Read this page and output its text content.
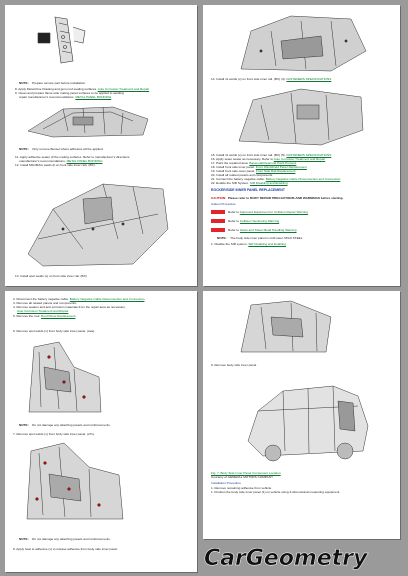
NOTE: Prepare service part before installation.
8. Apply Metal-Fine Drawing and gum roof-sealing surfaces. Auto Corrosion Treatment and Repair
9. Clean and prepare flame-side mating panel surfaces to be applied to welding
repair manufacturer's recommendations. METAL PANEL BONDING
NOTE: Only remove Bessel where adhesive will be applied.
11. Apply adhesive sealer (if the mating surfaces. Refer to manufacturer's directions.
manufacturer's recommendations. METAL PANEL BONDING
12. Install MIG/MAG welds (if on front side inner rail). (BX).
13. Install spot welds (x) on front side inner rail. (BX)
14. Install 11 welds (x) on front side inner rail. (BX) (4). FASTENERS SPECIFICATIONS
15. Install 11 welds (x) on front side inner rail. (BX) (5). FASTENERS SPECIFICATIONS
16. Apply seam sealer as necessary. Refer to Auto Corrosion Treatment and Repair
17. Paint the repaired area. Basecoat/Clearcoat Paint Process
18. Install front side inner panel. Front Windshield Panel Replacement
19. Install front side outer panel. Front Side Rail Replacement
20. Install all related panels and components.
21. Connect the battery negative cable. Battery Negative Cable Disconnection and Connection
22. Enable the SIR System. SIR Disabling and Enabling
ROCKER/SIDE INNER PANEL REPLACEMENT
CAUTION: Please refer to BODY REPAIR PRECAUTIONS AND WARNINGS before starting.
Callout Procedure
Refer to Approved Equipment for Collision Repair Warning
Refer to Collision Sectioning Warning
Refer to Glass and Sheet Metal Handling Warning
NOTE: The body side inner panel is mild steel. MILD STEEL
1. Disable the SIR system. SIR Disabling and Enabling
2. Disconnect the battery negative cable. Battery Negative Cable Disconnection and Connection
3. Remove all related panels and components.
4. Remove sealers and anti-corrosion materials from the repair area as necessary.
Auto Corrosion Treatment and Repair
5. Remove the roof. Roof Panel Replacement
6. Remove spot welds (x) from body side inner panel. (2ea).
NOTE: Do not damage any attaching panels and reinforcements.
7. Remove spot welds (x) from body side inner panel. (27x).
NOTE: Do not damage any attaching panels and reinforcements.
8. Apply heat to adhesive (x) to release adhesive from body side inner panel.
9. Remove body side inner panel.
Fig. 7: Body Side Inner Panel Component Location
Courtesy of GENERAL MOTORS COMPANY
Installation Procedure
1. Remove remaining adhesive from vehicle.
1. Position the body side inner panel (1) on vehicle using 3-dimensional measuring equipment.
CarGeometry
